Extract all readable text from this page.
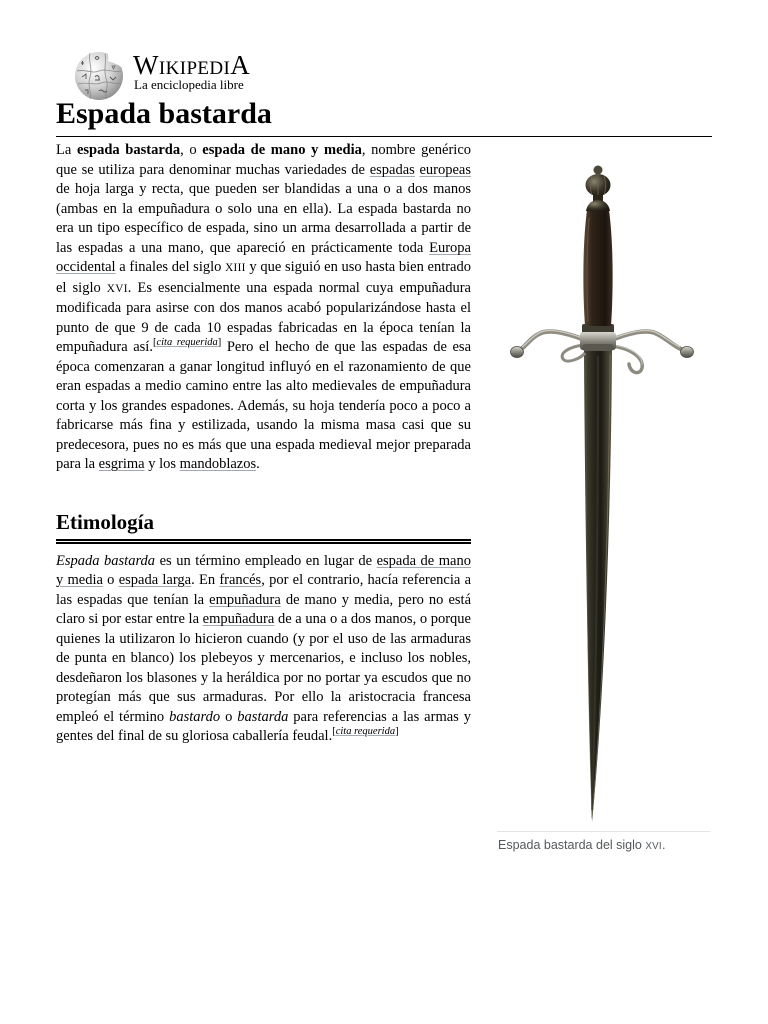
WikipediA
La enciclopedia libre
Espada bastarda

La espada bastarda, o espada de mano y media, nombre genérico que se utiliza para denominar muchas variedades de espadas europeas de hoja larga y recta, que pueden ser blandidas a una o a dos manos (ambas en la empuñadura o solo una en ella). La espada bastarda no era un tipo específico de espada, sino un arma desarrollada a partir de las espadas a una mano, que apareció en prácticamente toda Europa occidental a finales del siglo XIII y que siguió en uso hasta bien entrado el siglo XVI. Es esencialmente una espada normal cuya empuñadura modificada para asirse con dos manos acabó popularizándose hasta el punto de que 9 de cada 10 espadas fabricadas en la época tenían la empuñadura así.[cita requerida] Pero el hecho de que las espadas de esa época comenzaran a ganar longitud influyó en el razonamiento de que eran espadas a medio camino entre las alto medievales de empuñadura corta y los grandes espadones. Además, su hoja tendería poco a poco a fabricarse más fina y estilizada, usando la misma masa casi que su predecesora, pues no es más que una espada medieval mejor preparada para la esgrima y los mandoblazos.

Etimología

Espada bastarda es un término empleado en lugar de espada de mano y media o espada larga. En francés, por el contrario, hacía referencia a las espadas que tenían la empuñadura de mano y media, pero no está claro si por estar entre la empuñadura de a una o a dos manos, o porque quienes la utilizaron lo hicieron cuando (y por el uso de las armaduras de punta en blanco) los plebeyos y mercenarios, e incluso los nobles, desdeñaron los blasones y la heráldica por no portar ya escudos que no protegían más que sus armaduras. Por ello la aristocracia francesa empleó el término bastardo o bastarda para referencias a las armas y gentes del final de su gloriosa caballería feudal.[cita requerida]

Espada bastarda del siglo XVI.
